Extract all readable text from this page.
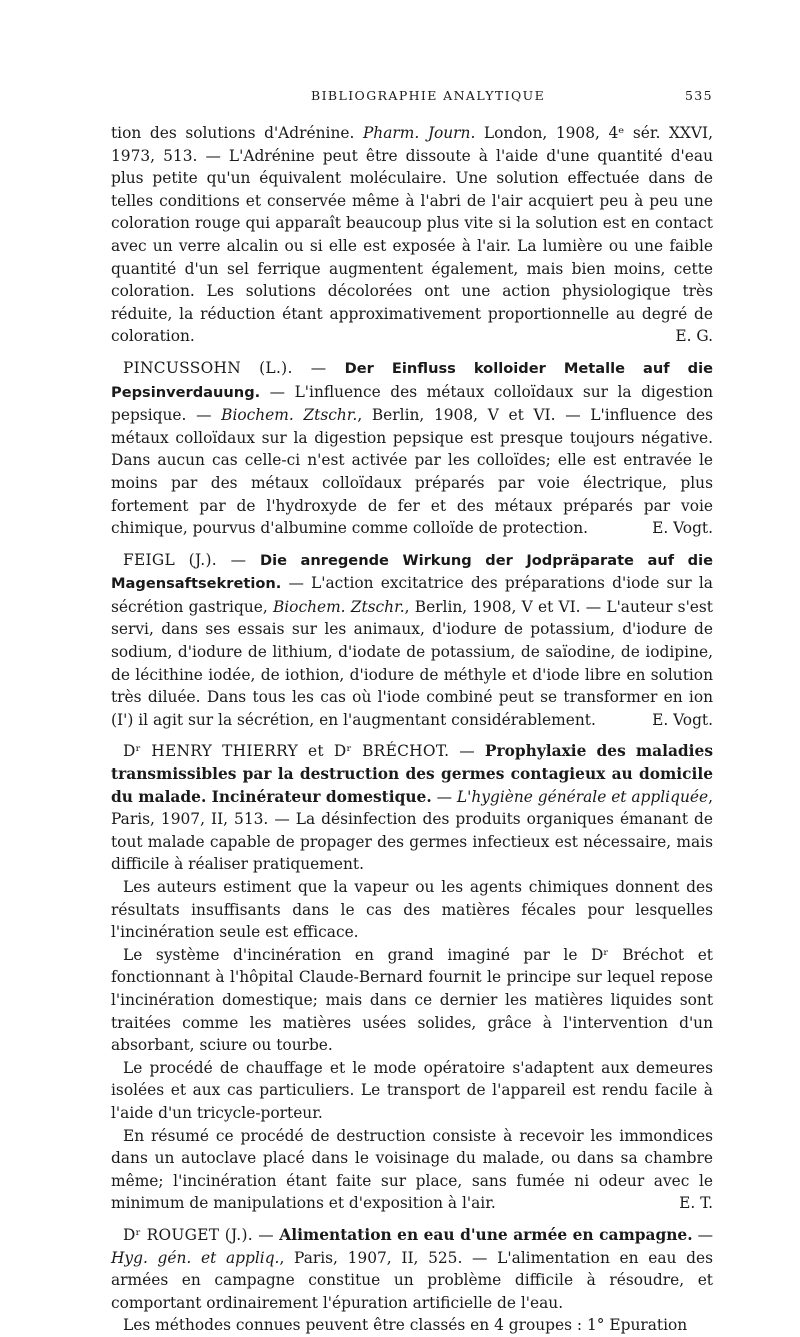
BIBLIOGRAPHIE ANALYTIQUE	535

tion des solutions d'Adrénine. Pharm. Journ. London, 1908, 4ᵉ sér. XXVI, 1973, 513. — L'Adrénine peut être dissoute à l'aide d'une quantité d'eau plus petite qu'un équivalent moléculaire. Une solution effectuée dans de telles conditions et conservée même à l'abri de l'air acquiert peu à peu une coloration rouge qui apparaît beaucoup plus vite si la solution est en contact avec un verre alcalin ou si elle est exposée à l'air. La lumière ou une faible quantité d'un sel ferrique augmentent également, mais bien moins, cette coloration. Les solutions décolorées ont une action physiologique très réduite, la réduction étant approximativement proportionnelle au degré de coloration.	E. G.

PINCUSSOHN (L.). — Der Einfluss kolloider Metalle auf die Pepsinverdauung. — L'influence des métaux colloïdaux sur la digestion pepsique. — Biochem. Ztschr., Berlin, 1908, V et VI. — L'influence des métaux colloïdaux sur la digestion pepsique est presque toujours négative. Dans aucun cas celle-ci n'est activée par les colloïdes; elle est entravée le moins par des métaux colloïdaux préparés par voie électrique, plus fortement par de l'hydroxyde de fer et des métaux préparés par voie chimique, pourvus d'albumine comme colloïde de protection.	E. Vogt.

FEIGL (J.). — Die anregende Wirkung der Jodpräparate auf die Magensaftsekretion. — L'action excitatrice des préparations d'iode sur la sécrétion gastrique, Biochem. Ztschr., Berlin, 1908, V et VI. — L'auteur s'est servi, dans ses essais sur les animaux, d'iodure de potassium, d'iodure de sodium, d'iodure de lithium, d'iodate de potassium, de saïodine, de iodipine, de lécithine iodée, de iothion, d'iodure de méthyle et d'iode libre en solution très diluée. Dans tous les cas où l'iode combiné peut se transformer en ion (I') il agit sur la sécrétion, en l'augmentant considérablement.	E. Vogt.

Dʳ HENRY THIERRY et Dʳ BRÉCHOT. — Prophylaxie des maladies transmissibles par la destruction des germes contagieux au domicile du malade. Incinérateur domestique. — L'hygiène générale et appliquée, Paris, 1907, II, 513. — La désinfection des produits organiques émanant de tout malade capable de propager des germes infectieux est nécessaire, mais difficile à réaliser pratiquement.

Les auteurs estiment que la vapeur ou les agents chimiques donnent des résultats insuffisants dans le cas des matières fécales pour lesquelles l'incinération seule est efficace.

Le système d'incinération en grand imaginé par le Dʳ Bréchot et fonctionnant à l'hôpital Claude-Bernard fournit le principe sur lequel repose l'incinération domestique; mais dans ce dernier les matières liquides sont traitées comme les matières usées solides, grâce à l'intervention d'un absorbant, sciure ou tourbe.

Le procédé de chauffage et le mode opératoire s'adaptent aux demeures isolées et aux cas particuliers. Le transport de l'appareil est rendu facile à l'aide d'un tricycle-porteur.

En résumé ce procédé de destruction consiste à recevoir les immondices dans un autoclave placé dans le voisinage du malade, ou dans sa chambre même; l'incinération étant faite sur place, sans fumée ni odeur avec le minimum de manipulations et d'exposition à l'air.	E. T.

Dʳ ROUGET (J.). — Alimentation en eau d'une armée en campagne. — Hyg. gén. et appliq., Paris, 1907, II, 525. — L'alimentation en eau des armées en campagne constitue un problème difficile à résoudre, et comportant ordinairement l'épuration artificielle de l'eau.

Les méthodes connues peuvent être classés en 4 groupes : 1° Epuration
